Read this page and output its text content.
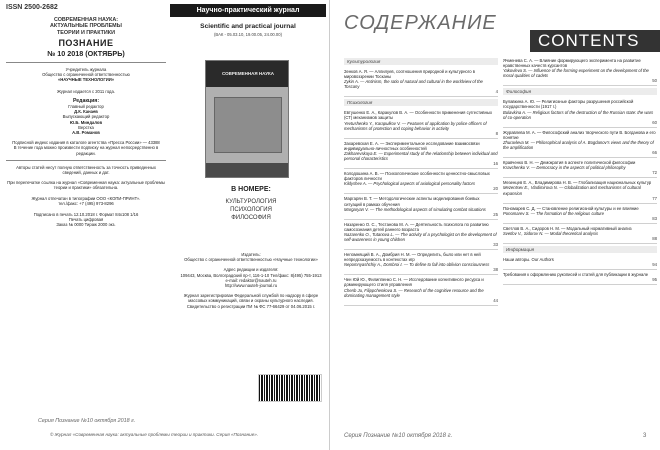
ISSN 2500-2682
СОВРЕМЕННАЯ НАУКА:
АКТУАЛЬНЫЕ ПРОБЛЕМЫ
ТЕОРИИ И ПРАКТИКИ
ПОЗНАНИЕ
№ 10 2018 (ОКТЯБРЬ)
Учредитель журнала
Общество с ограниченной ответственностью
«НАУЧНЫЕ ТЕХНОЛОГИИ»
Журнал издается с 2011 года.
Редакция:
Главный редактор
Д.К. Канаев
Выпускающий редактор
Ю.Б. Миндалов
Верстка
А.В. Романов
Подписной индекс издания в каталоге агентства «Пресса России» — 43388
В течение года можно произвести подписку на журнал непосредственно в редакции.
Авторы статей несут полную ответственность за точность приведенных сведений, данных и дат.
При перепечатке ссылка на журнал «Современная наука: актуальные проблемы теории и практики» обязательна.
Журнал отпечатан в типографии ООО «КОПИ-ПРИНТ».
тел./факс: +7 (495) 973-8296
Подписано в печать 12.10.2018 г. Формат 84х108 1/16
Печать цифровая
Заказ № 0000 Тираж 2000 экз.
Научно-практический журнал
Scientific and practical journal
(ВАК - 05.03.10, 19.00.05, 24.00.00)
СОВРЕМЕННАЯ НАУКА
В НОМЕРЕ:
КУЛЬТУРОЛОГИЯ
ПСИХОЛОГИЯ
ФИЛОСОФИЯ
Издатель:
Общество с ограниченной ответственностью «Научные технологии»
Адрес редакции и издателя:
109443, Москва, Волгоградский пр-т, 116-1-10 Тел/факс: 8(495) 755-1913
e-mail: redaktor@nauteh.ru
http://www.nauteh-journal.ru
Журнал зарегистрирован Федеральной службой по надзору в сфере массовых коммуникаций, связи и охраны культурного наследия.
Свидетельство о регистрации ПИ № ФС 77-66429 от 04.06.2015 г.
Серия Познание №10 октября 2018 г.
© Журнал «Современная наука: актуальные проблемы теории и практики. Серия «Познание».
СОДЕРЖАНИЕ
CONTENTS
Культурология
Зенков А. Я. — Аллилуев, соотношения природной и культурного в мировоззрении Тосканы
Zykin A. — Antinism, the ratio of natural and cultural in the worldview of the Toscany
4
Психология
Евтушенко Е. А., Каракулов В. А. — Особенности применения суггестивных (СТ) механизмов защиты
Yevtushenko Y., Karapulkov V. — Features of application by police officers of mechanisms of protection and coping behavior in activity
8
Захаревская Е. А. — Экспериментальное исследование взаимосвязи индивидуально-личностных особенностей
Zakharevskaya E. — Experimental study of the relationship between individual and personal characteristics
16
Колодошина А. В. — Психологические особенности ценностно-смысловых факторов личности
Kildyshev A. — Psychological aspects of axiological personality factors
20
Маргарян В. Т. — Методологические аспекты моделирования боевых ситуаций в рамках обучения
Margaryan V. — The methodological aspects of simulating combat situations
25
Назаренко О. С., Тестанова М. А. — Деятельность психолога по развитию самосознания детей раннего возраста
Nazarenko O., Tutanova L. — The activity of a psychologist on the development of self-awareness in young children
33
Непомнящий В. А., Домбрия Н. М. — Определить, было или нет в ней непредсказуемость в контекстах игр
Nepomnyashchiy A., Dombroi I. — To define to fall into oblivion consciousness
38
Чен Юй Ю., Филиппенко С. Н. — Исследование когнитивного ресурса и доминирующего стиля управления
Chenb Ju, Filippchenkova S. — Research of the cognitive resource and the dominating management style
44
Ячменева С. А. — Влияние формирующего эксперимента на развитие нравственных качеств курсантов
Yakovleva S. — Influence of the forming experiment on the development of the moral qualities of cadets
50
Философия
Булавкина А. Ю. — Религиозные факторы разрушения российской государственности (1917 г.)
Bulavkina A. — Religious factors of the destruction of the Russian state: the wars of co-operation
60
Журавлева М. А. — Философский анализ творческого пути В. Богданова и его понятие
Zhuravleva M. — Philosophical analysis of A. Bogdanov's views and the theory of the amplification
66
Кравченко В. Н. — Демократия в аспекте политической философии
Kravchenko V. — Democracy in the aspects of political philosophy
72
Мезенцев Е. А., Владимирова Н. В. — Глобализация национальных культур
Mezentsev E., Vladimirova N. — Globalization and mechanisms of cultural expansion
77
Пономарев С. Д. — Становление религиозной культуры и ее влияние
Ponomarev S. — The formation of the religious culture
83
Светлов В. А., Сидоров Н. М. — Модальный нормативный анализ
Svetlov V., Sidorov N. — Modal theoretical analysis
88
Информация
Наши авторы. Our Authors
94
Требования к оформлению рукописей и статей для публикации в журнале
95
Серия Познание №10 октября 2018 г.	3
